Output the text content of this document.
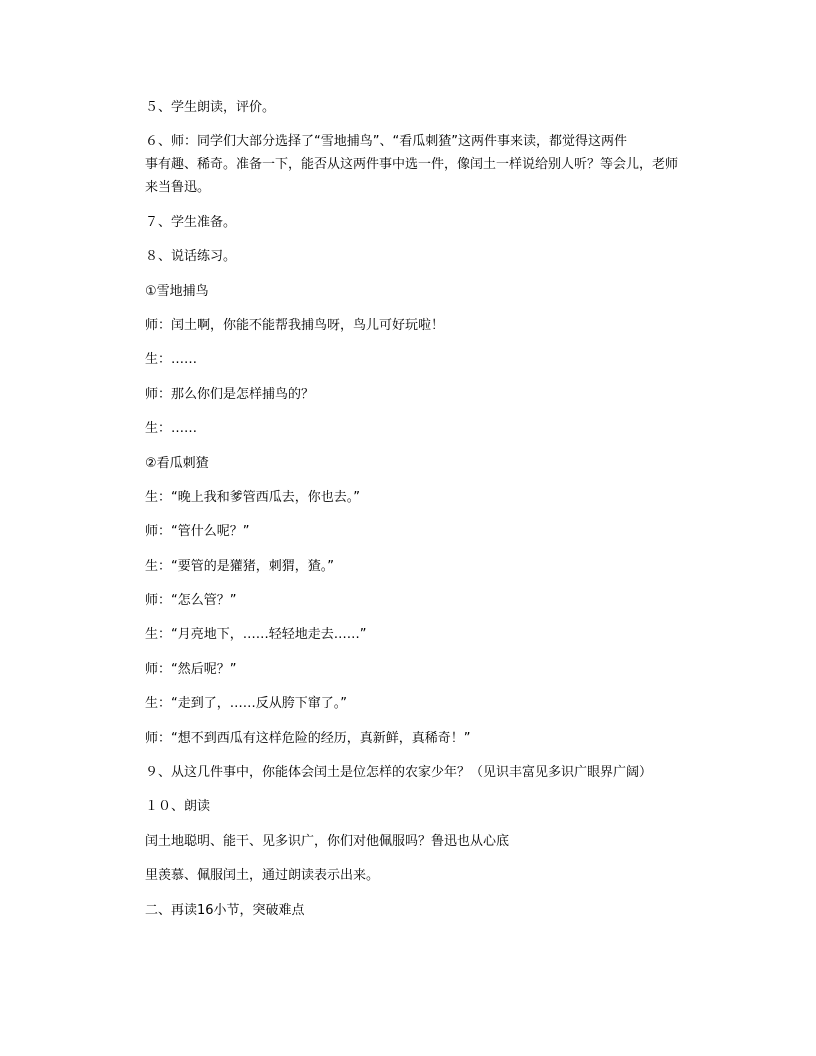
５、学生朗读，评价。
６、师：同学们大部分选择了“雪地捕鸟”、“看瓜刺猹”这两件事来读，都觉得这两件
事有趣、稀奇。准备一下，能否从这两件事中选一件，像闰土一样说给别人听？等会儿，老师
来当鲁迅。
７、学生准备。
８、说话练习。
①雪地捕鸟
师：闰土啊，你能不能帮我捕鸟呀，鸟儿可好玩啦！
生：……
师：那么你们是怎样捕鸟的？
生：……
②看瓜刺猹
生：“晚上我和爹管西瓜去，你也去。”
师：“管什么呢？”
生：“要管的是獾猪，刺猬，猹。”
师：“怎么管？”
生：“月亮地下，……轻轻地走去……”
师：“然后呢？”
生：“走到了，……反从胯下窜了。”
师：“想不到西瓜有这样危险的经历，真新鲜，真稀奇！”
９、从这几件事中，你能体会闰土是位怎样的农家少年？（见识丰富见多识广眼界广阔）
１０、朗读
闰土地聪明、能干、见多识广，你们对他佩服吗？鲁迅也从心底
里羡慕、佩服闰土，通过朗读表示出来。
二、再读16小节，突破难点
